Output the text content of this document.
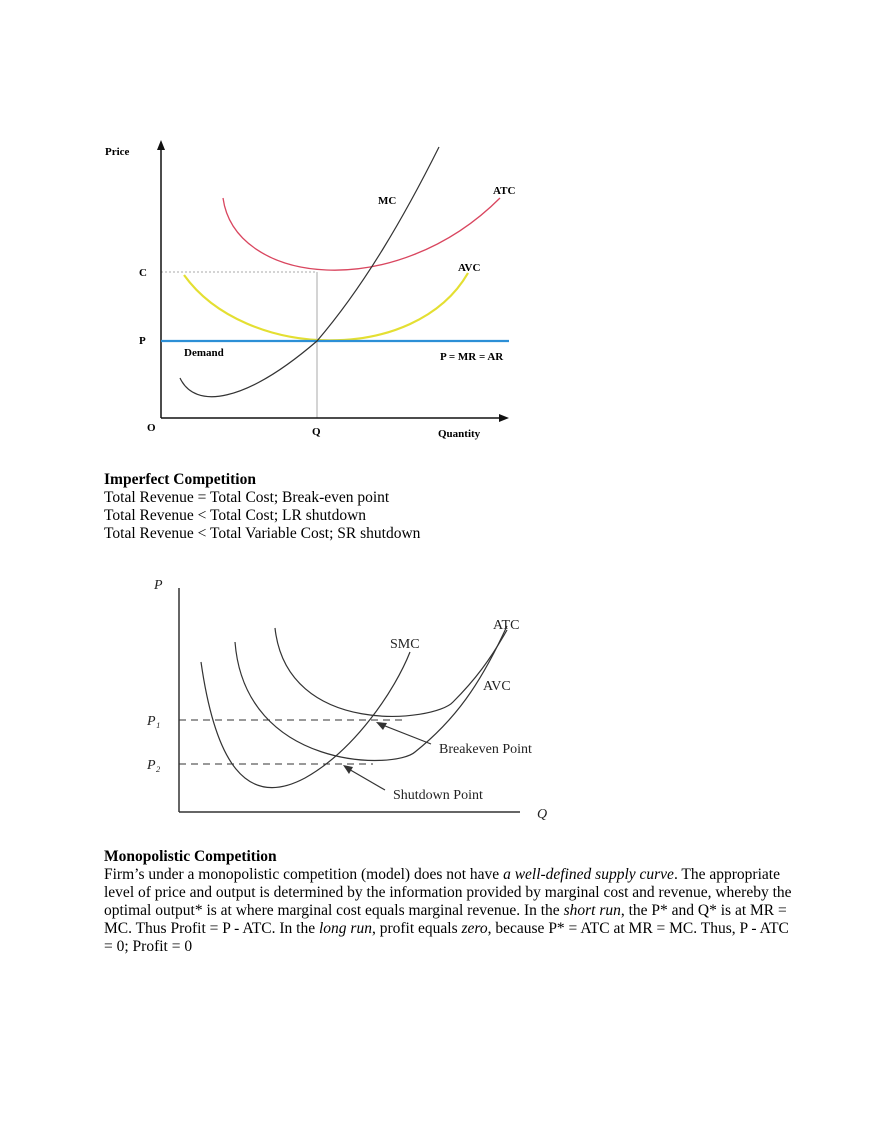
Price
C
P
O	Q	Quantity
MC
ATC
AVC
Demand	P = MR = AR

Imperfect Competition

Total Revenue = Total Cost; Break-even point

Total Revenue < Total Cost; LR shutdown

Total Revenue < Total Variable Cost; SR shutdown

P
Q
P₁
P₂
SMC
ATC
AVC
Breakeven Point
Shutdown Point

Monopolistic Competition

Firm’s under a monopolistic competition (model) does not have a well-defined supply curve. The appropriate level of price and output is determined by the information provided by marginal cost and revenue, whereby the optimal output* is at where marginal cost equals marginal revenue. In the short run, the P* and Q* is at MR = MC. Thus Profit = P - ATC. In the long run, profit equals zero, because P* = ATC at MR = MC. Thus, P - ATC = 0; Profit = 0
